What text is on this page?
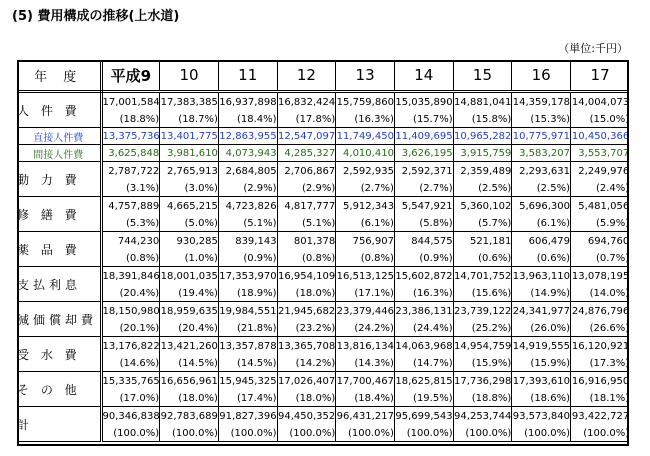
(5) 費用構成の推移(上水道)
（単位:千円）
年 度	平成9	10	11	12	13	14	15	16	17
人 件 費	17,001,584	17,383,385	16,937,898	16,832,424	15,759,860	15,035,890	14,881,041	14,359,178	14,004,073
	(18.8%)	(18.7%)	(18.4%)	(17.8%)	(16.3%)	(15.7%)	(15.8%)	(15.3%)	(15.0%)
直接人件費	13,375,736	13,401,775	12,863,955	12,547,097	11,749,450	11,409,695	10,965,282	10,775,971	10,450,366
間接人件費	3,625,848	3,981,610	4,073,943	4,285,327	4,010,410	3,626,195	3,915,759	3,583,207	3,553,707
動 力 費	2,787,722	2,765,913	2,684,805	2,706,867	2,592,935	2,592,371	2,359,489	2,293,631	2,249,976
	(3.1%)	(3.0%)	(2.9%)	(2.9%)	(2.7%)	(2.7%)	(2.5%)	(2.5%)	(2.4%)
修 繕 費	4,757,889	4,665,215	4,723,826	4,817,777	5,912,343	5,547,921	5,360,102	5,696,300	5,481,056
	(5.3%)	(5.0%)	(5.1%)	(5.1%)	(6.1%)	(5.8%)	(5.7%)	(6.1%)	(5.9%)
薬 品 費	744,230	930,285	839,143	801,378	756,907	844,575	521,181	606,479	694,760
	(0.8%)	(1.0%)	(0.9%)	(0.8%)	(0.8%)	(0.9%)	(0.6%)	(0.6%)	(0.7%)
支払利息	18,391,846	18,001,035	17,353,970	16,954,109	16,513,125	15,602,872	14,701,752	13,963,110	13,078,195
	(20.4%)	(19.4%)	(18.9%)	(18.0%)	(17.1%)	(16.3%)	(15.6%)	(14.9%)	(14.0%)
減価償却費	18,150,980	18,959,635	19,984,551	21,945,682	23,379,446	23,386,131	23,739,122	24,341,977	24,876,796
	(20.1%)	(20.4%)	(21.8%)	(23.2%)	(24.2%)	(24.4%)	(25.2%)	(26.0%)	(26.6%)
受 水 費	13,176,822	13,421,260	13,357,878	13,365,708	13,816,134	14,063,968	14,954,759	14,919,555	16,120,921
	(14.6%)	(14.5%)	(14.5%)	(14.2%)	(14.3%)	(14.7%)	(15.9%)	(15.9%)	(17.3%)
そ の 他	15,335,765	16,656,961	15,945,325	17,026,407	17,700,467	18,625,815	17,736,298	17,393,610	16,916,950
	(17.0%)	(18.0%)	(17.4%)	(18.0%)	(18.4%)	(19.5%)	(18.8%)	(18.6%)	(18.1%)
計	90,346,838	92,783,689	91,827,396	94,450,352	96,431,217	95,699,543	94,253,744	93,573,840	93,422,727
	(100.0%)	(100.0%)	(100.0%)	(100.0%)	(100.0%)	(100.0%)	(100.0%)	(100.0%)	(100.0%)
